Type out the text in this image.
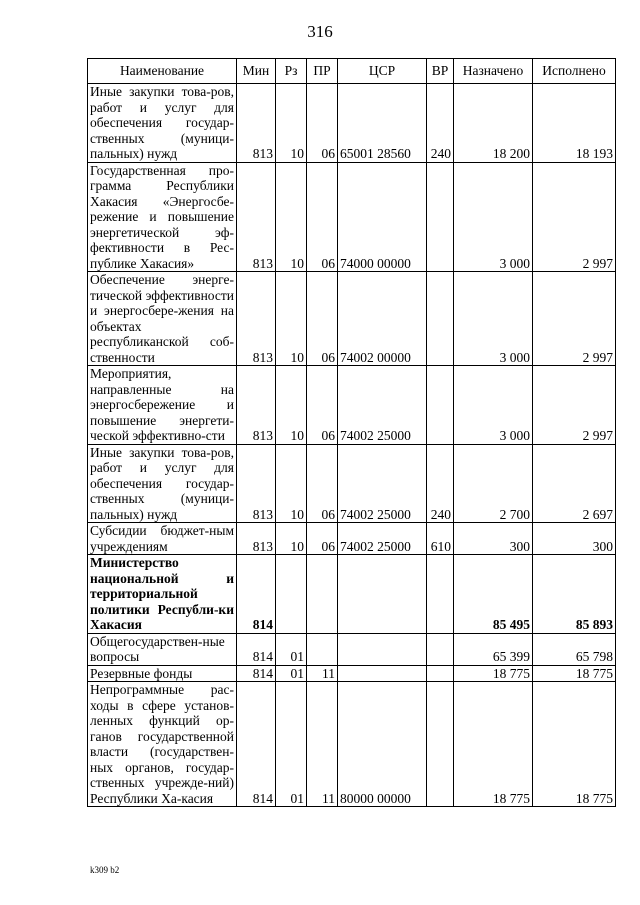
316
Наименование	Мин	Рз	ПР	ЦСР	ВР	Назначено	Исполнено
Иные закупки това-ров, работ и услуг для обеспечения государ-ственных (муници-пальных) нужд	813	10	06	65001 28560	240	18 200	18 193
Государственная про-грамма Республики Хакасия «Энергосбе-режение и повышение энергетической эф-фективности в Рес-публике Хакасия»	813	10	06	74000 00000		3 000	2 997
Обеспечение энерге-тической эффективности и энергосбере-жения на объектах республиканской соб-ственности	813	10	06	74002 00000		3 000	2 997
Мероприятия, направленные на энергосбережение и повышение энергети-ческой эффективно-сти	813	10	06	74002 25000		3 000	2 997
Иные закупки това-ров, работ и услуг для обеспечения государ-ственных (муници-пальных) нужд	813	10	06	74002 25000	240	2 700	2 697
Субсидии бюджет-ным учреждениям	813	10	06	74002 25000	610	300	300
Министерство национальной и территориальной политики Республи-ки Хакасия	814					85 495	85 893
Общегосударствен-ные вопросы	814	01				65 399	65 798
Резервные фонды	814	01	11			18 775	18 775
Непрограммные рас-ходы в сфере установ-ленных функций ор-ганов государственной власти (государствен-ных органов, государ-ственных учрежде-ний) Республики Ха-касия	814	01	11	80000 00000		18 775	18 775
k309 b2
